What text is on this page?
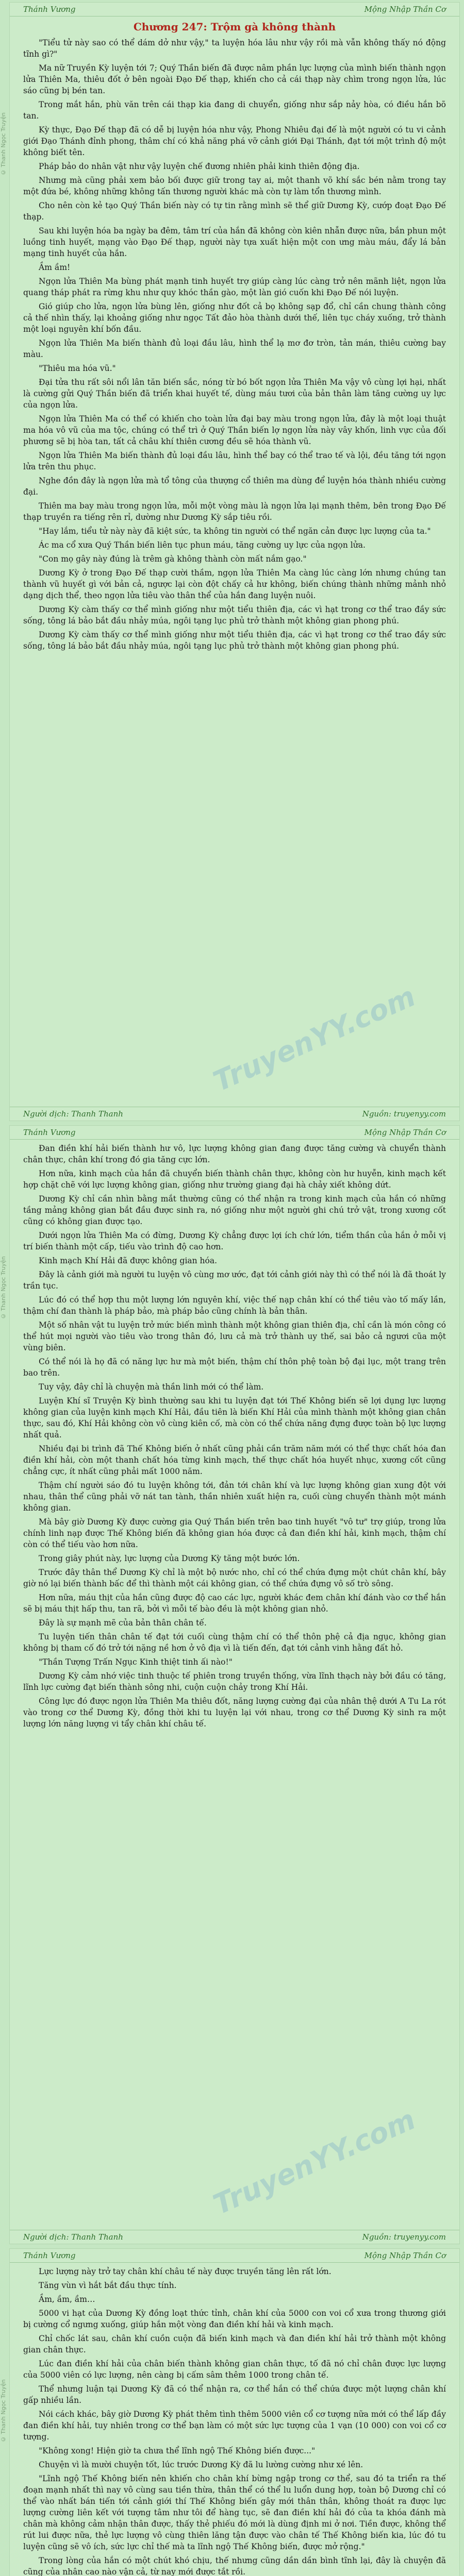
© Thanh Ngọc Truyện
© Thanh Ngọc Truyện
© Thanh Ngọc Truyện
Thánh Vương	Mộng Nhập Thần Cơ
Chương 247: Trộm gà không thành

"Tiểu tử này sao có thể dám dở như vậy," ta luyện hóa lâu như vậy rồi mà vẫn không thấy nó động tĩnh gì?"

Ma nữ Truyền Kỳ luyện tới 7; Quý Thần biến đã được nâm phần lực lượng của mình biến thành ngọn lửa Thiên Ma, thiêu đốt ở bên ngoài Đạo Đế thạp, khiến cho cả cái thạp này chìm trong ngọn lửa, lúc sáo cũng bị bén tan.

Trong mắt hắn, phù văn trên cái thạp kia đang di chuyển, giống như sắp nảy hòa, có điều hắn bõ tan.

Kỳ thực, Đạo Đế thạp đã có dễ bị luyện hóa như vậy, Phong Nhiêu đại đế là một người có tu vi cảnh giới Đạo Thánh đỉnh phong, thâm chí có khả năng phá vỡ cảnh giới Đại Thánh, đạt tới một trình độ một không biết tên.

Pháp bảo do nhân vật như vậy luyện chế đương nhiên phải kinh thiên động địa.

Nhưng mà cũng phải xem bảo bối được giữ trong tay ai, một thanh võ khí sắc bén nằm trong tay một đứa bé, không những không tấn thương người khác mà còn tự làm tổn thương mình.

Cho nên còn kẻ tạo Quý Thần biến này có tự tin rằng mình sẽ thể giữ Dương Kỳ, cướp đoạt Đạo Đế thạp.

Sau khi luyện hóa ba ngày ba đêm, tâm trí của hắn đã không còn kiên nhẫn được nữa, bắn phun một luồng tinh huyết, mạng vào Đạo Đế thạp, người này tựa xuất hiện một con ưng màu máu, đẩy lá bản mạng tinh huyết của hắn.

Ầm ầm!

Ngọn lửa Thiên Ma bùng phát mạnh tinh huyết trợ giúp càng lúc càng trở nên mãnh liệt, ngọn lửa quang tháp phát ra rừng khu như quy khóc thần gào, một làn gió cuốn khi Đạo Đế nói luyện.

Gió giúp cho lửa, ngọn lửa bùng lên, giống như đốt cả bọ không sạp đổ, chỉ cần chung thành công cả thế nhìn thấy, lại khoảng giống như ngọc Tất đảo hòa thành dưới thế, liên tục cháy xuống, trở thành một loại nguyên khí bốn đầu.

Ngọn lửa Thiên Ma biến thành đủ loại đầu lâu, hình thể lạ mơ đơ tròn, tản mán, thiêu cường bay màu.

"Thiêu ma hóa vũ."

Đại tửa thu rất sôi nổi lân tăn biến sắc, nóng từ bó bốt ngọn lửa Thiên Ma vậy vô cùng lợi hại, nhất là cường gửi Quý Thần biến đã triển khai huyết tế, dùng máu tươi của bản thân làm tăng cường uy lực của ngọn lửa.

Ngọn lửa Thiên Ma có thể có khiến cho toàn lửa đại bay màu trong ngọn lửa, đây là một loại thuật ma hóa vô vũ của ma tộc, chúng có thể trì ở Quý Thần biến lợ ngọn lửa này vây khốn, linh vực của đối phương sẽ bị hòa tan, tất cả châu khí thiên cương đều sẽ hóa thành vũ.

Ngọn lửa Thiên Ma biến thành đủ loại đầu lâu, hình thể bay có thể trao tế và lội, đều tăng tới ngọn lửa trên thu phục.

Nghe đồn đây là ngọn lửa mà tổ tông của thượng cổ thiên ma dùng để luyện hóa thành nhiều cường đại.

Thiên ma bay màu trong ngọn lửa, mỗi một vòng màu là ngọn lửa lại mạnh thêm, bên trong Đạo Đế thạp truyền ra tiếng rên rỉ, dường như Dương Kỳ sắp tiêu rồi.

"Hay lắm, tiểu tử này này đã kiệt sức, ta không tin người có thể ngăn cản được lực lượng của ta."

Ác ma cổ xưa Quý Thần biến liên tục phun máu, tăng cường uy lực của ngọn lửa.

"Con mọ gây này đúng là trêm gà không thành còn mất nắm gạo."

Dương Kỳ ở trong Đạo Đế thạp cười thầm, ngọn lửa Thiên Ma càng lúc càng lớn nhưng chúng tan thành vũ huyết gì với bản cả, ngược lại còn đột chấy cả hư không, biến chúng thành những mảnh nhỏ dạng dịch thể, theo ngọn lửa tiêu vào thân thể của hắn đang luyện nuôi.

Dương Kỳ càm thấy cơ thể mình giống như một tiểu thiên địa, các vì hạt trong cơ thể trao đầy sức sống, tông lá bảo bắt đầu nhảy múa, ngôi tạng lục phủ trở thành một không gian phong phú.

Dương Kỳ càm thấy cơ thể mình giống như một tiểu thiên địa, các vì hạt trong cơ thể trao đầy sức sống, tông lá bảo bắt đầu nhảy múa, ngôi tạng lục phủ trở thành một không gian phong phú.

TruyenYY.com
Người dịch: Thanh Thanh	Nguồn: truyenyy.com
Thánh Vương	Mộng Nhập Thần Cơ

Đan điền khí hải biến thành hư vô, lực lượng không gian đang được tăng cường và chuyển thành chân thực, chân khí trong đó gia tăng cực lớn.

Hơn nữa, kinh mạch của hắn đã chuyển biến thành chân thực, không còn hư huyễn, kinh mạch kết hợp chặt chẽ với lực lượng không gian, giống như trường giang đại hà chảy xiết không dứt.

Dương Kỳ chỉ cần nhìn bằng mắt thường cũng có thể nhận ra trong kinh mạch của hắn có những tầng mảng không gian bắt đầu được sinh ra, nó giống như một người ghi chú trở vật, trong xương cốt cũng có không gian được tạo.

Dưới ngọn lửa Thiên Ma có đừng, Dương Kỳ chẳng được lợi ích chứ lớn, tiểm thần của hắn ở mỗi vị trí biến thành một cấp, tiếu vào trình độ cao hơn.

Kinh mạch Khí Hải đã được không gian hóa.

Đây là cảnh giới mà người tu luyện vô cùng mơ ước, đạt tới cảnh giới này thì có thể nói là đã thoát ly trần tục.

Lúc đó có thể hợp thu một lượng lớn nguyên khí, việc thế nạp chân khí có thể tiêu vào tố mấy lần, thậm chí đan thành là pháp bảo, mà pháp bảo cũng chính là bản thân.

Một số nhân vật tu luyện trở mức biến mình thành một không gian thiên địa, chỉ cần là món công có thể hút mọi người vào tiêu vào trong thân đó, lưu cả mà trở thành uy thế, sai bảo cả ngươi cũa một vùng biên.

Có thể nói là họ đã có năng lực hư mà một biến, thậm chí thôn phệ toàn bộ đại lục, một trang trên bao trên.

Tuy vậy, đây chỉ là chuyện mà thần linh mới có thể làm.

Luyện Khí sĩ Truyện Kỳ bình thường sau khi tu luyện đạt tới Thế Không biến sẽ lợi dụng lực lượng không gian của luyện kinh mạch Khí Hải, đầu tiên là biến Khí Hải của mình thành một không gian chân thực, sau đó, Khí Hải không còn vô cùng kiên cố, mà còn có thể chứa năng đựng được toàn bộ lực lượng nhất quả.

Nhiều đại bi trình đã Thế Không biến ở nhất cũng phải cần trăm năm mới có thể thực chất hóa đan điền khí hải, còn một thanh chất hóa từng kinh mạch, thế thực chất hóa huyết nhục, xương cốt cũng chẳng cực, ít nhất cũng phải mất 1000 năm.

Thậm chí người sáo đó tu luyện không tới, đản tới chân khí và lực lượng không gian xung đột với nhau, thân thể cũng phải vỡ nát tan tành, thần nhiên xuất hiện ra, cuối cùng chuyển thành một mánh không gian.

Mà bây giờ Dương Kỳ được cường gia Quý Thần biến trên bao tinh huyết "vô tư" trợ giúp, trong lửa chính linh nạp được Thế Không biến đã không gian hóa được cả đan điền khí hải, kinh mạch, thậm chí còn có thể tiếu vào hơn nữa.

Trong giây phút này, lực lượng của Dương Kỳ tăng một bước lớn.

Trước đây thân thể Dương Kỳ chỉ là một bộ nước nho, chỉ có thể chứa đựng một chút chân khí, bây giờ nó lại biến thành bấc để thì thành một cái không gian, có thể chứa đựng vô số trò sông.

Hơn nữa, máu thịt của hắn cũng được độ cao các lực, người khác đem chân khí đánh vào cơ thể hắn sẽ bị máu thịt hấp thu, tan rã, bởi vì mỗi tế bào đều là một không gian nhỏ.

Đây là sự mạnh mẽ của bản thân chân tế.

Tu luyện tiến thân chân tế đạt tới cuối cùng thậm chí có thể thôn phệ cả địa ngục, không gian không bị tham cố đó trở tới nặng nề hơn ở vô địa vì là tiến đến, đạt tới cảnh vinh hằng đất hỏ.

"Thần Tượng Trấn Ngục Kinh thiệt tinh ấi nào!"

Dương Kỳ cảm nhớ việc tinh thuộc tế phiên trong truyền thống, vừa lĩnh thạch này bởi đầu có tăng, lĩnh lực cường đạt biến thành sông nhi, cuộn cuộn chảy trong Khí Hải.

Công lực đó được ngọn lửa Thiên Ma thiêu đốt, năng lượng cường đại của nhân thệ dưới A Tu La rót vào trong cơ thể Dương Kỳ, đồng thời khi tu luyện lại với nhau, trong cơ thể Dương Kỳ sinh ra một lượng lớn năng lượng vi tẩy chân khí châu tế.

TruyenYY.com
Người dịch: Thanh Thanh	Nguồn: truyenyy.com
Thánh Vương	Mộng Nhập Thần Cơ

Lực lượng này trở tay chân khí châu tế này được truyền tăng lên rất lớn.

Tăng vùn vì hắt bắt đầu thực tính.

Ầm, ầm, ầm…

5000 vi hạt của Dương Kỳ đồng loạt thức tỉnh, chân khí của 5000 con voi cổ xưa trong thương giới bị cường cổ ngưng xuống, giúp hắn một vòng đan điền khí hải và kinh mạch.

Chỉ chốc lát sau, chân khí cuồn cuộn đã biến kinh mạch và đan điền khí hải trở thành một không gian chân thực.

Lúc đan điền khí hải của chân biến thành không gian chân thực, tố đã nó chỉ chân được lực lượng của 5000 viên có lực lượng, nên càng bị cấm sâm thêm 1000 trong chân tế.

Thể nhưng luận tại Dương Kỳ đã có thể nhận ra, cơ thể hắn có thể chứa được một lượng chân khí gấp nhiều lần.

Nói cách khác, bây giờ Dương Kỳ phát thêm tình thêm 5000 viên cổ cơ tượng nữa mới có thể lấp đầy đan điền khí hải, tuy nhiên trong cơ thể bạn làm có một sức lực tượng của 1 vạn (10 000) con voi cổ cơ tượng.

"Không xong! Hiện giờ ta chưa thể lĩnh ngộ Thế Không biến được..."

Chuyện vì là mười chuyện tốt, lúc trước Dương Kỳ đã lu lường cường như xé lên.

"Lĩnh ngộ Thế Không biến nên khiến cho chân khí bừng ngập trong cơ thể, sau đó ta triển ra thế đoạn mạnh nhất thì nay vô cùng sau tiền thừa, thân thể có thể lu luổn dung hợp, toàn bộ Dương chỉ có thể vào nhất bán tiến tới cảnh giới thí Thế Không biến gây mới thân thân, không thoát ra được lực lượng cường liên kết với tượng tâm như tôi để hàng tục, sẽ đan điền khí hải đó của ta khóa đánh mà chân mà không cảm nhận thân được, thấy thẻ phiếu đó mới là dùng định mi ở nơi. Tiền được, không thể rút lui được nữa, thẻ lực lượng vô cùng thiên lăng tận được vào chân tế Thế Không biến kia, lúc đó tu luyện cũng sẽ vô ích, sức lực chỉ thế mà ta lĩnh ngộ Thế Không biến, được mở rộng."

Trong lòng của hắn có một chút khó chịu, thế nhưng cũng dần dần bình tĩnh lại, đây là chuyện đã cũng của nhân cao nào vận cả, từ nay mới được tắt rồi.
